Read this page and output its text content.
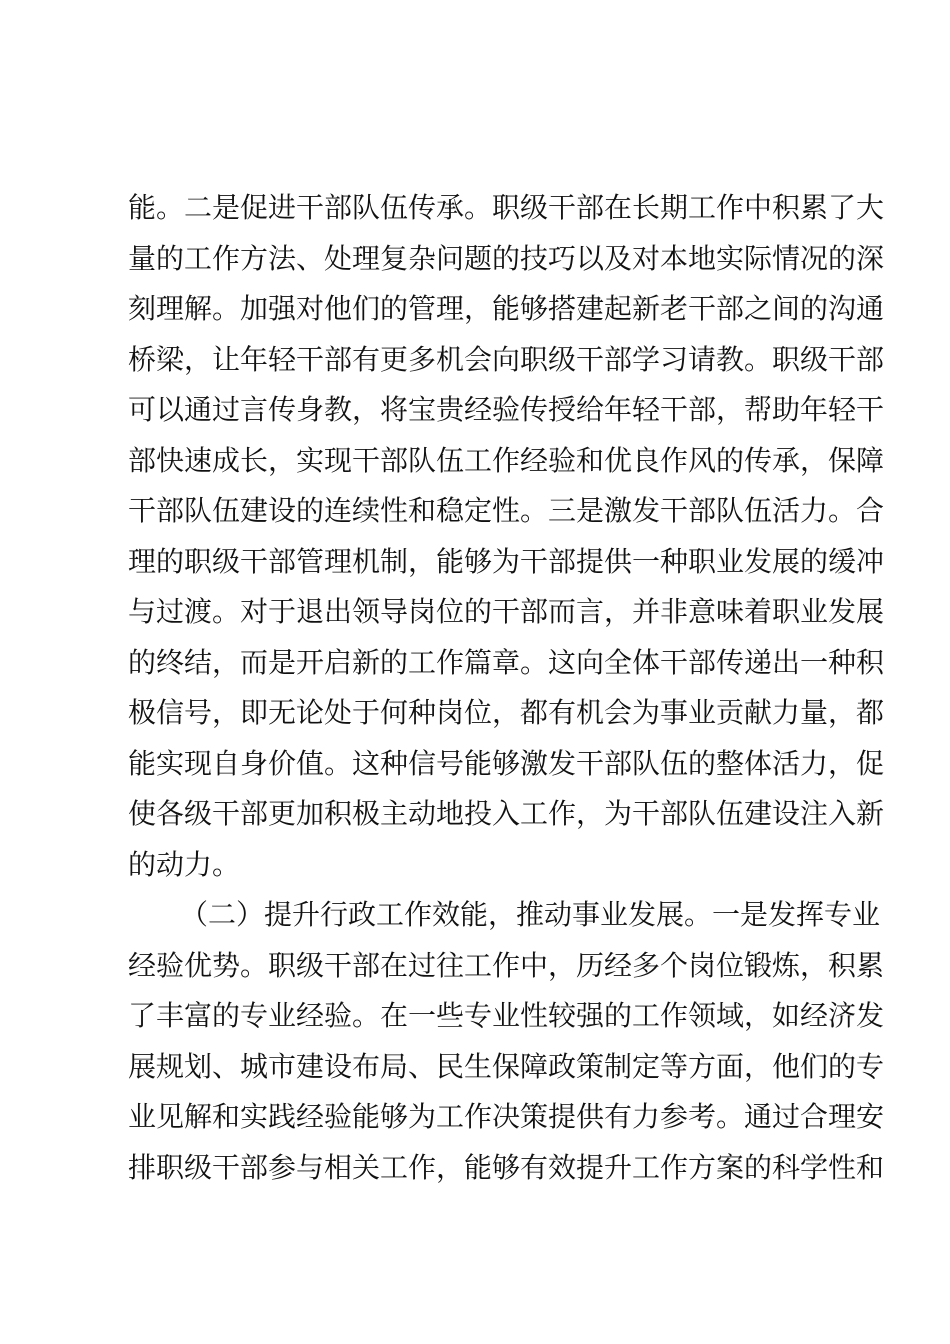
能。二是促进干部队伍传承。职级干部在长期工作中积累了大
量的工作方法、处理复杂问题的技巧以及对本地实际情况的深
刻理解。加强对他们的管理，能够搭建起新老干部之间的沟通
桥梁，让年轻干部有更多机会向职级干部学习请教。职级干部
可以通过言传身教，将宝贵经验传授给年轻干部，帮助年轻干
部快速成长，实现干部队伍工作经验和优良作风的传承，保障
干部队伍建设的连续性和稳定性。三是激发干部队伍活力。合
理的职级干部管理机制，能够为干部提供一种职业发展的缓冲
与过渡。对于退出领导岗位的干部而言，并非意味着职业发展
的终结，而是开启新的工作篇章。这向全体干部传递出一种积
极信号，即无论处于何种岗位，都有机会为事业贡献力量，都
能实现自身价值。这种信号能够激发干部队伍的整体活力，促
使各级干部更加积极主动地投入工作，为干部队伍建设注入新
的动力。
（二）提升行政工作效能，推动事业发展。一是发挥专业
经验优势。职级干部在过往工作中，历经多个岗位锻炼，积累
了丰富的专业经验。在一些专业性较强的工作领域，如经济发
展规划、城市建设布局、民生保障政策制定等方面，他们的专
业见解和实践经验能够为工作决策提供有力参考。通过合理安
排职级干部参与相关工作，能够有效提升工作方案的科学性和
